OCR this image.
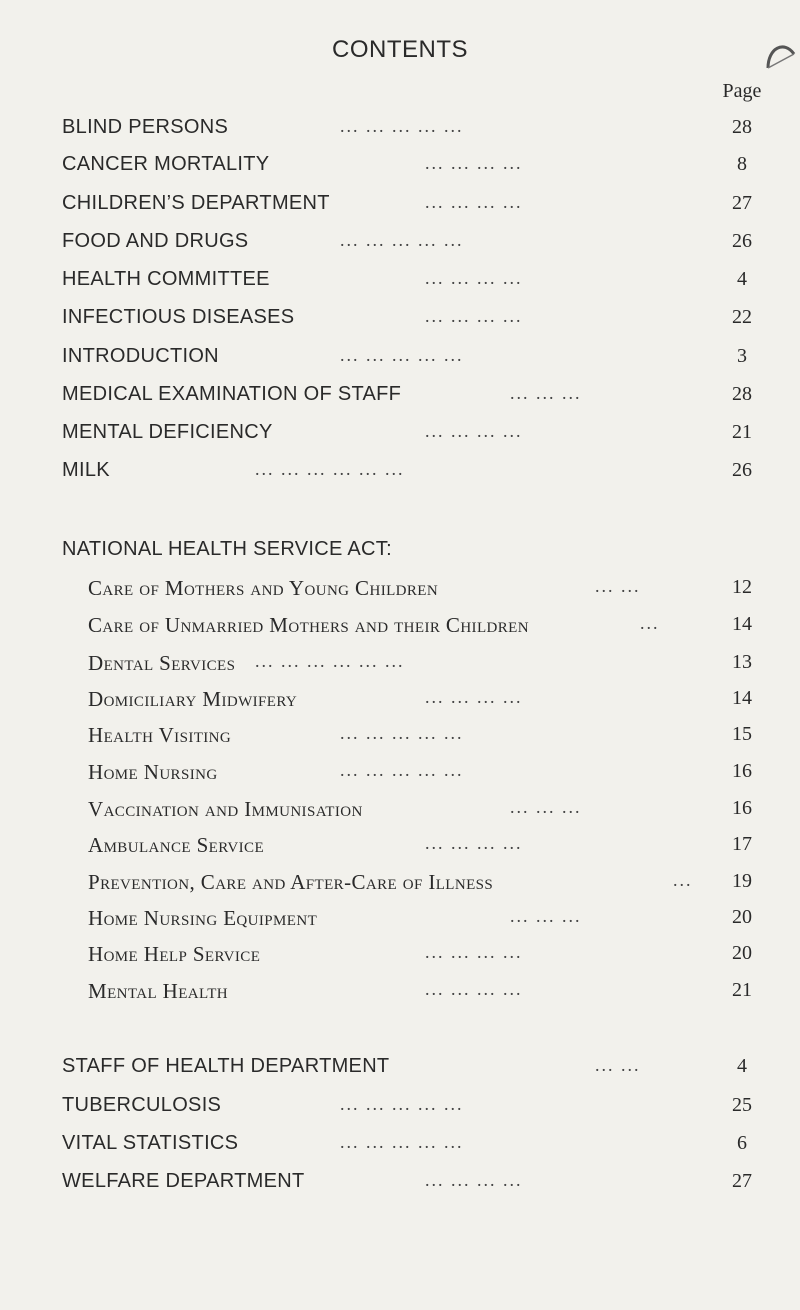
CONTENTS
Page
BLIND PERSONS	... ... ... ... ...	28
CANCER MORTALITY	... ... ... ...	8
CHILDREN’S DEPARTMENT	... ... ... ...	27
FOOD AND DRUGS	... ... ... ... ...	26
HEALTH COMMITTEE	... ... ... ...	4
INFECTIOUS DISEASES	... ... ... ...	22
INTRODUCTION	... ... ... ... ...	3
MEDICAL EXAMINATION OF STAFF	... ... ...	28
MENTAL DEFICIENCY	... ... ... ...	21
MILK	... ... ... ... ... ...	26
NATIONAL HEALTH SERVICE ACT:
Care of Mothers and Young Children	... ...	12
Care of Unmarried Mothers and their Children	...	14
Dental Services ... ... ... ... ... ...	13
Domiciliary Midwifery	... ... ... ...	14
Health Visiting	... ... ... ... ...	15
Home Nursing	... ... ... ... ...	16
Vaccination and Immunisation	... ... ...	16
Ambulance Service	... ... ... ...	17
Prevention, Care and After-Care of Illness	...	19
Home Nursing Equipment	... ... ...	20
Home Help Service	... ... ... ...	20
Mental Health	... ... ... ...	21
STAFF OF HEALTH DEPARTMENT	... ...	4
TUBERCULOSIS	... ... ... ... ...	25
VITAL STATISTICS	... ... ... ... ...	6
WELFARE DEPARTMENT	... ... ... ...	27
